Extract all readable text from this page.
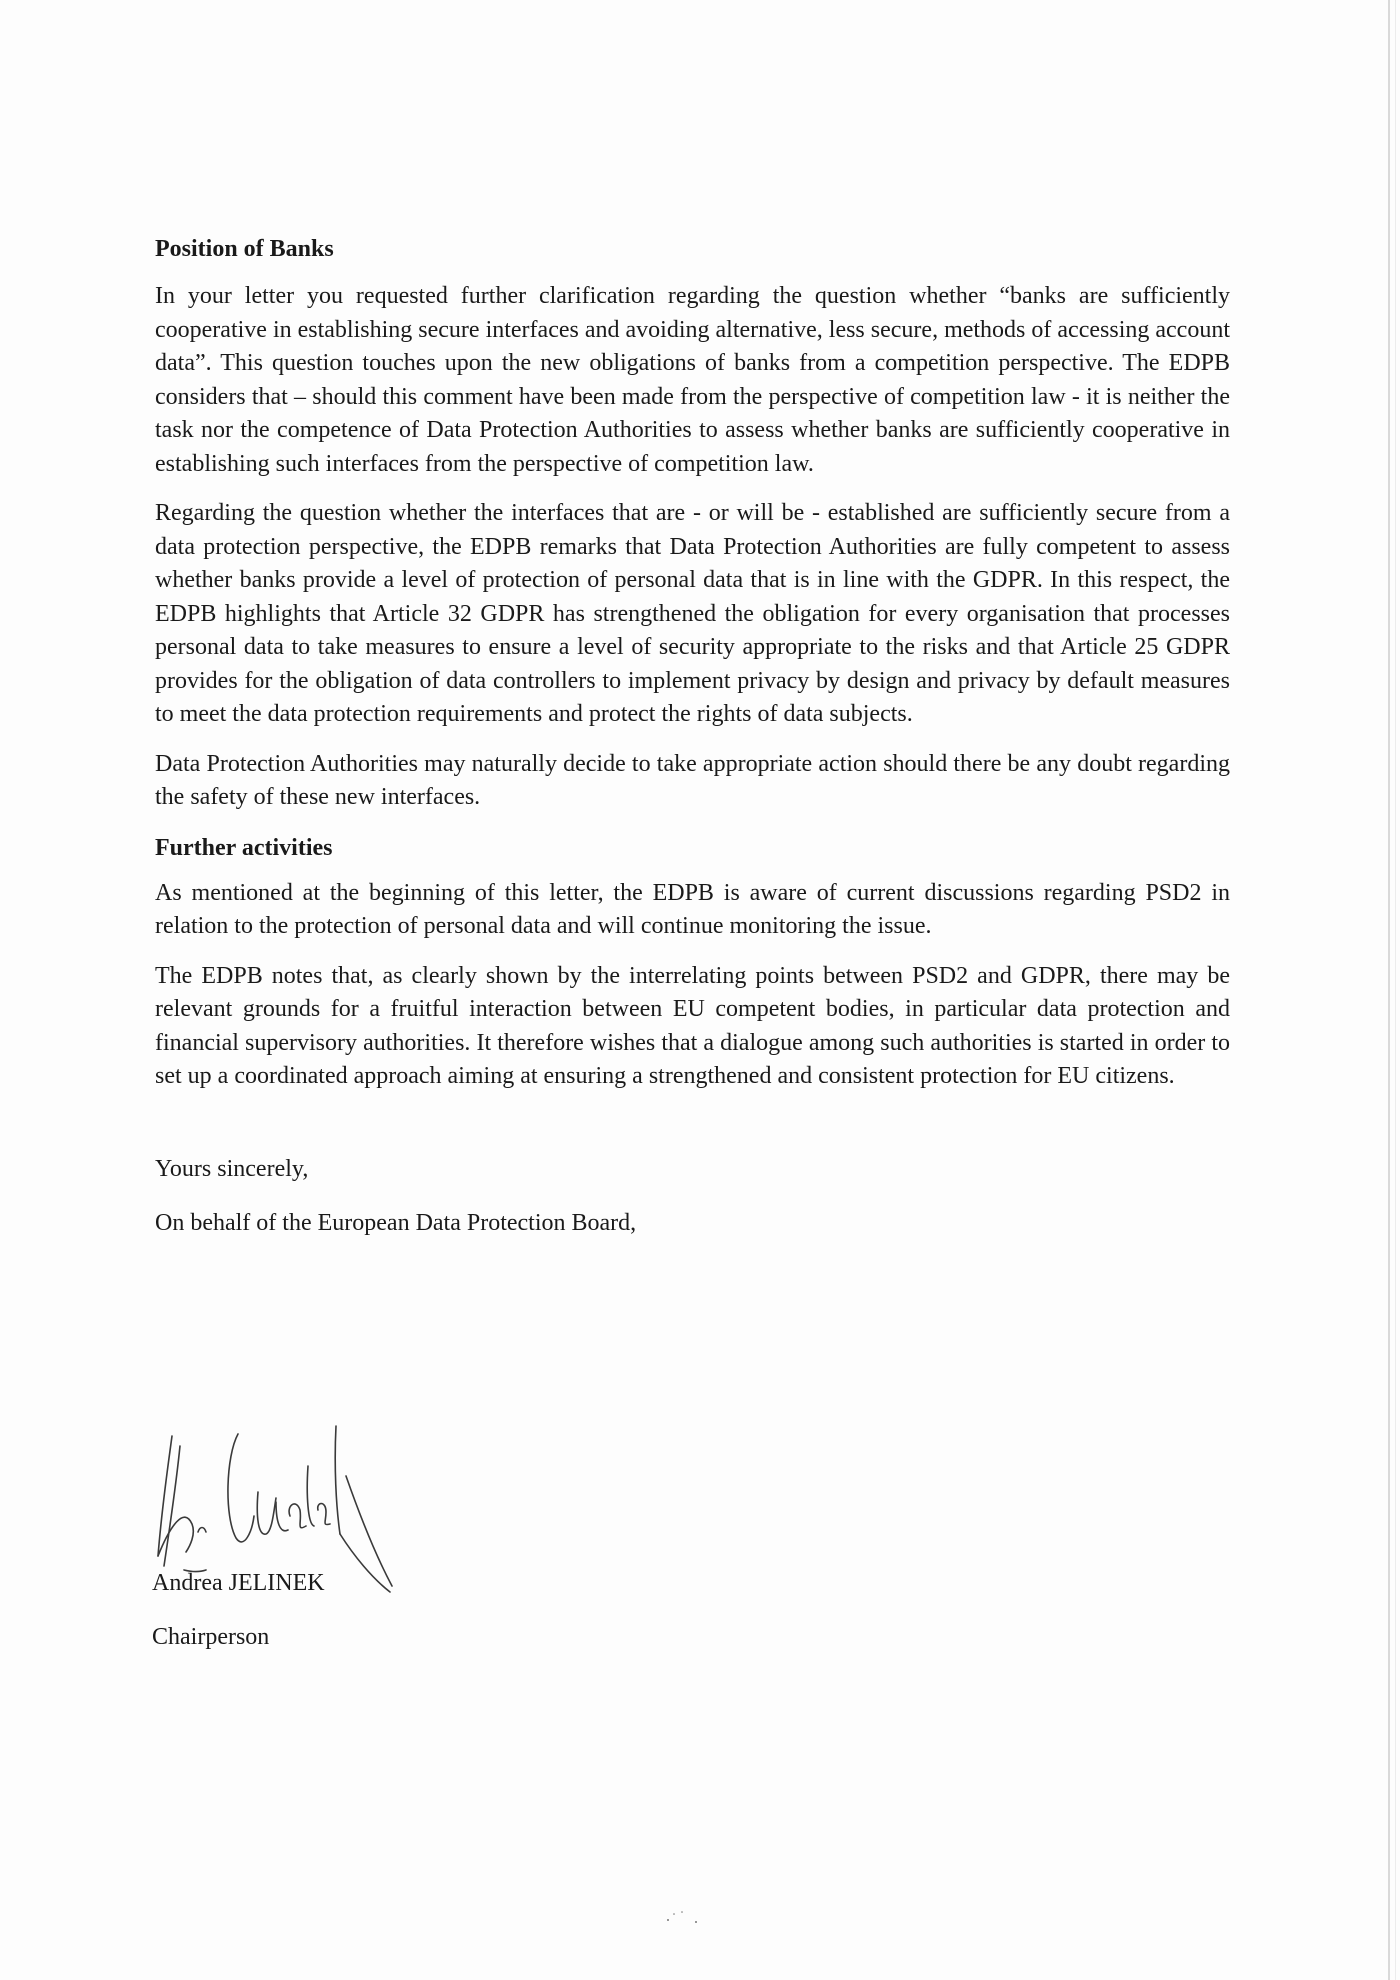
Position of Banks

In your letter you requested further clarification regarding the question whether “banks are sufficiently cooperative in establishing secure interfaces and avoiding alternative, less secure, methods of accessing account data”. This question touches upon the new obligations of banks from a competition perspective. The EDPB considers that – should this comment have been made from the perspective of competition law - it is neither the task nor the competence of Data Protection Authorities to assess whether banks are sufficiently cooperative in establishing such interfaces from the perspective of competition law.

Regarding the question whether the interfaces that are - or will be - established are sufficiently secure from a data protection perspective, the EDPB remarks that Data Protection Authorities are fully competent to assess whether banks provide a level of protection of personal data that is in line with the GDPR. In this respect, the EDPB highlights that Article 32 GDPR has strengthened the obligation for every organisation that processes personal data to take measures to ensure a level of security appropriate to the risks and that Article 25 GDPR provides for the obligation of data controllers to implement privacy by design and privacy by default measures to meet the data protection requirements and protect the rights of data subjects.

Data Protection Authorities may naturally decide to take appropriate action should there be any doubt regarding the safety of these new interfaces.

Further activities

As mentioned at the beginning of this letter, the EDPB is aware of current discussions regarding PSD2 in relation to the protection of personal data and will continue monitoring the issue.

The EDPB notes that, as clearly shown by the interrelating points between PSD2 and GDPR, there may be relevant grounds for a fruitful interaction between EU competent bodies, in particular data protection and financial supervisory authorities. It therefore wishes that a dialogue among such authorities is started in order to set up a coordinated approach aiming at ensuring a strengthened and consistent protection for EU citizens.

Yours sincerely,

On behalf of the European Data Protection Board,

Andrea JELINEK
Chairperson
